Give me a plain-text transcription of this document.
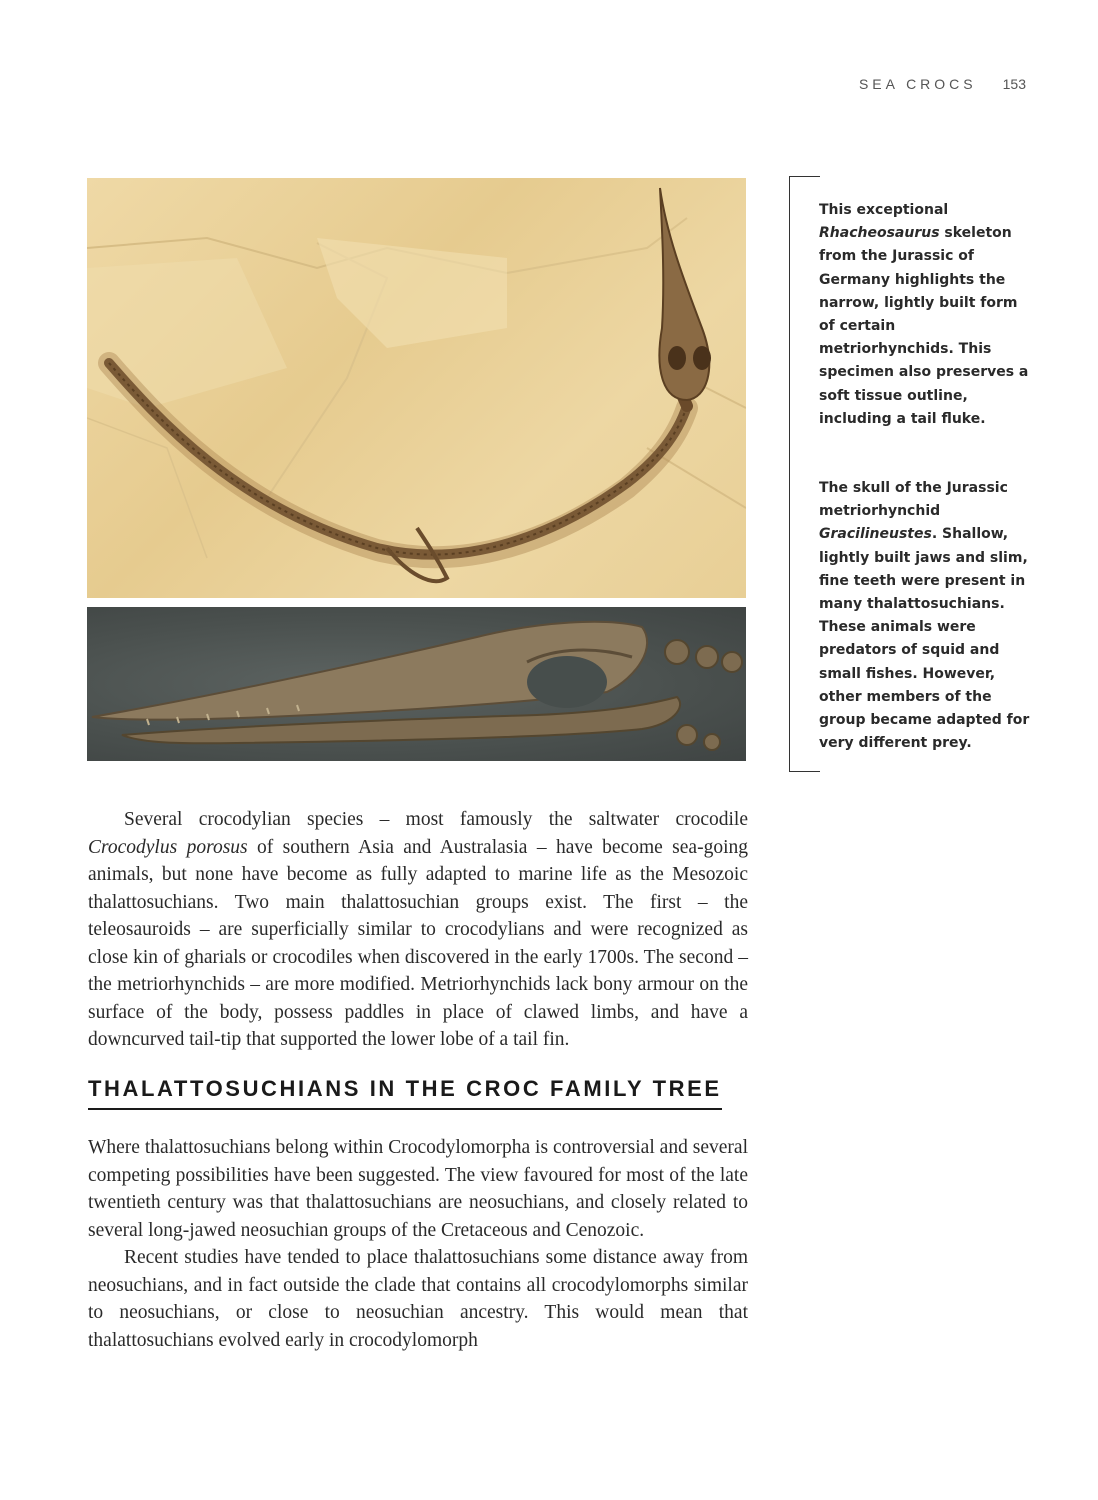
SEA CROCS 153
This exceptional
Rhacheosaurus skeleton from the Jurassic of Germany highlights the narrow, lightly built form of certain metriorhynchids. This specimen also preserves a soft tissue outline, including a tail fluke.
The skull of the Jurassic metriorhynchid Gracilineustes. Shallow, lightly built jaws and slim, fine teeth were present in many thalattosuchians. These animals were predators of squid and small fishes. However, other members of the group became adapted for very different prey.

Several crocodylian species – most famously the saltwater crocodile Crocodylus porosus of southern Asia and Australasia – have become sea-going animals, but none have become as fully adapted to marine life as the Mesozoic thalattosuchians. Two main thalattosuchian groups exist. The first – the teleosauroids – are superficially similar to crocodylians and were recognized as close kin of gharials or crocodiles when discovered in the early 1700s. The second – the metriorhynchids – are more modified. Metriorhynchids lack bony armour on the surface of the body, possess paddles in place of clawed limbs, and have a downcurved tail-tip that supported the lower lobe of a tail fin.

THALATTOSUCHIANS IN THE CROC FAMILY TREE

Where thalattosuchians belong within Crocodylomorpha is controversial and several competing possibilities have been suggested. The view favoured for most of the late twentieth century was that thalattosuchians are neosuchians, and closely related to several long-jawed neosuchian groups of the Cretaceous and Cenozoic.

Recent studies have tended to place thalattosuchians some distance away from neosuchians, and in fact outside the clade that contains all crocodylomorphs similar to neosuchians, or close to neosuchian ancestry. This would mean that thalattosuchians evolved early in crocodylomorph
